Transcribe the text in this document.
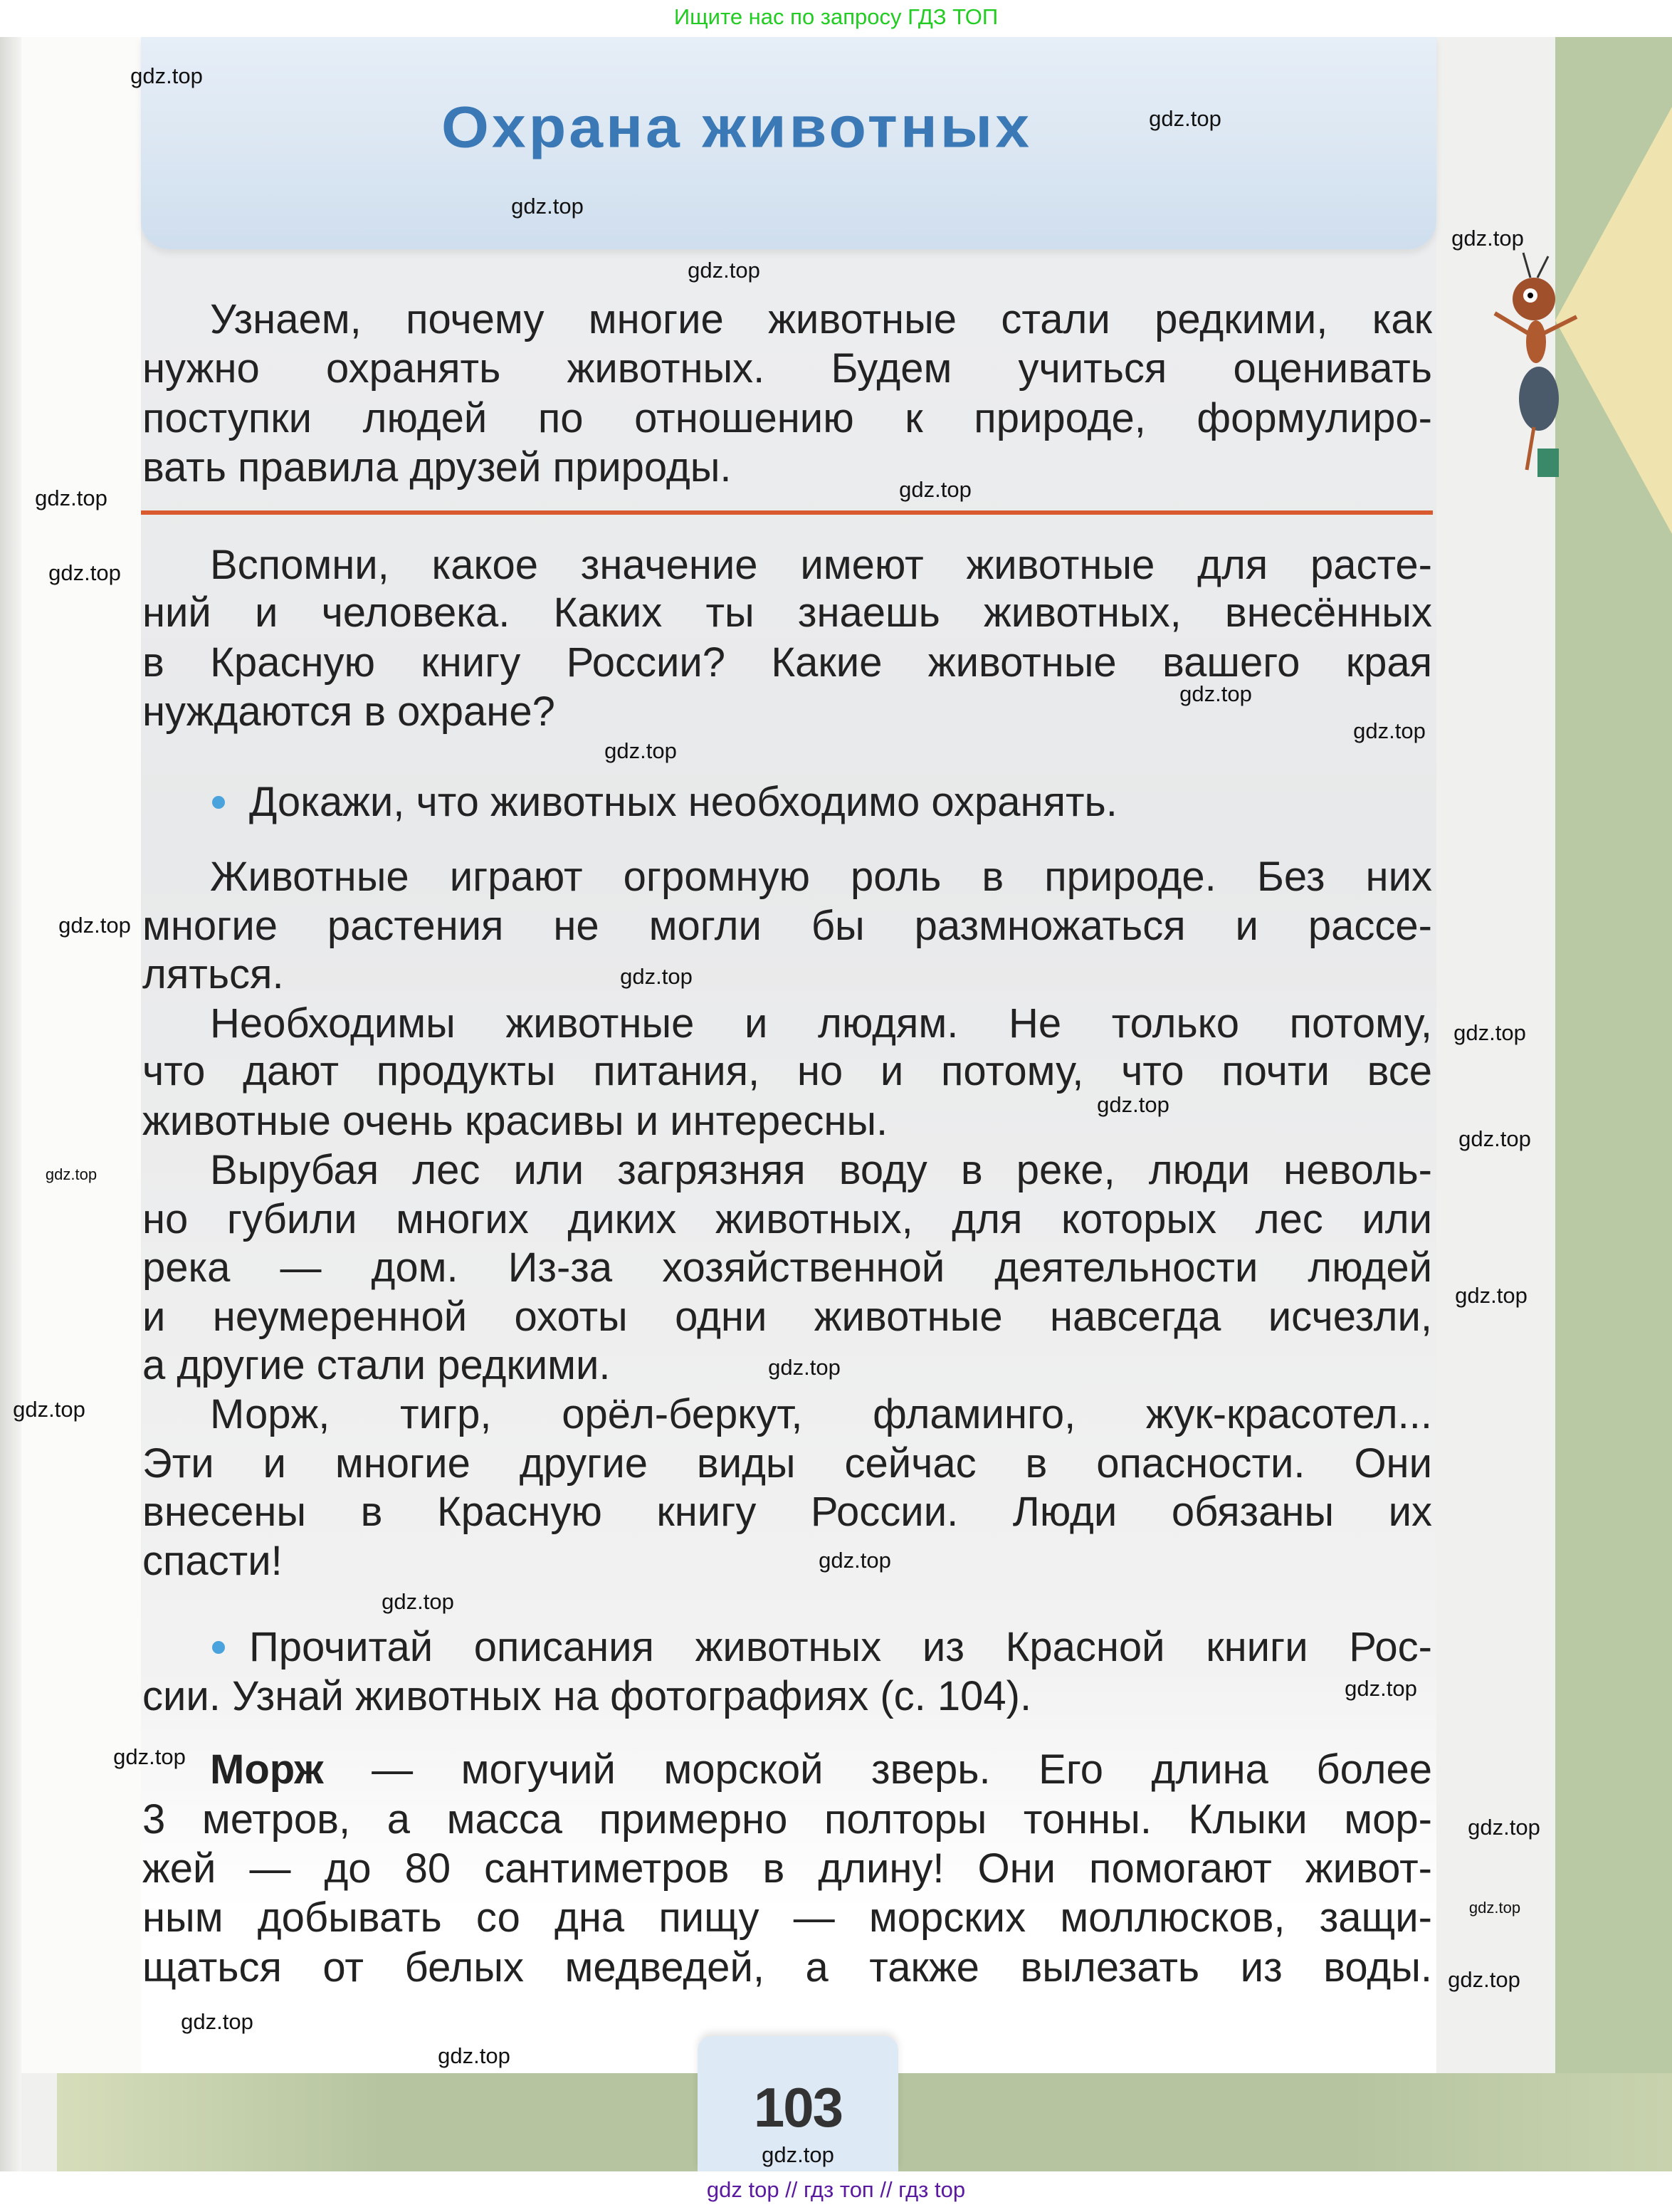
Ищите нас по запросу ГДЗ ТОП
Охрана животных
Узнаем, почему многие животные стали редкими, как
нужно охранять животных. Будем учиться оценивать
поступки людей по отношению к природе, формулиро-
вать правила друзей природы.
Вспомни, какое значение имеют животные для расте-
ний и человека. Каких ты знаешь животных, внесённых
в Красную книгу России? Какие животные вашего края
нуждаются в охране?
Докажи, что животных необходимо охранять.
Животные играют огромную роль в природе. Без них
многие растения не могли бы размножаться и рассе-
ляться.
Необходимы животные и людям. Не только потому,
что дают продукты питания, но и потому, что почти все
животные очень красивы и интересны.
Вырубая лес или загрязняя воду в реке, люди неволь-
но губили многих диких животных, для которых лес или
река — дом. Из-за хозяйственной деятельности людей
и неумеренной охоты одни животные навсегда исчезли,
а другие стали редкими.
Морж, тигр, орёл-беркут, фламинго, жук-красотел...
Эти и многие другие виды сейчас в опасности. Они
внесены в Красную книгу России. Люди обязаны их
спасти!
Прочитай описания животных из Красной книги Рос-
сии. Узнай животных на фотографиях (с. 104).
Морж — могучий морской зверь. Его длина более
3 метров, а масса примерно полторы тонны. Клыки мор-
жей — до 80 сантиметров в длину! Они помогают живот-
ным добывать со дна пищу — морских моллюсков, защи-
щаться от белых медведей, а также вылезать из воды.
103
gdz top // гдз топ // гдз top
gdz.top
gdz.top
gdz.top
gdz.top
gdz.top
gdz.top
gdz.top
gdz.top
gdz.top
gdz.top
gdz.top
gdz.top
gdz.top
gdz.top
gdz.top
gdz.top
gdz.top
gdz.top
gdz.top
gdz.top
gdz.top
gdz.top
gdz.top
gdz.top
gdz.top
gdz.top
gdz.top
gdz.top
gdz.top
gdz.top
